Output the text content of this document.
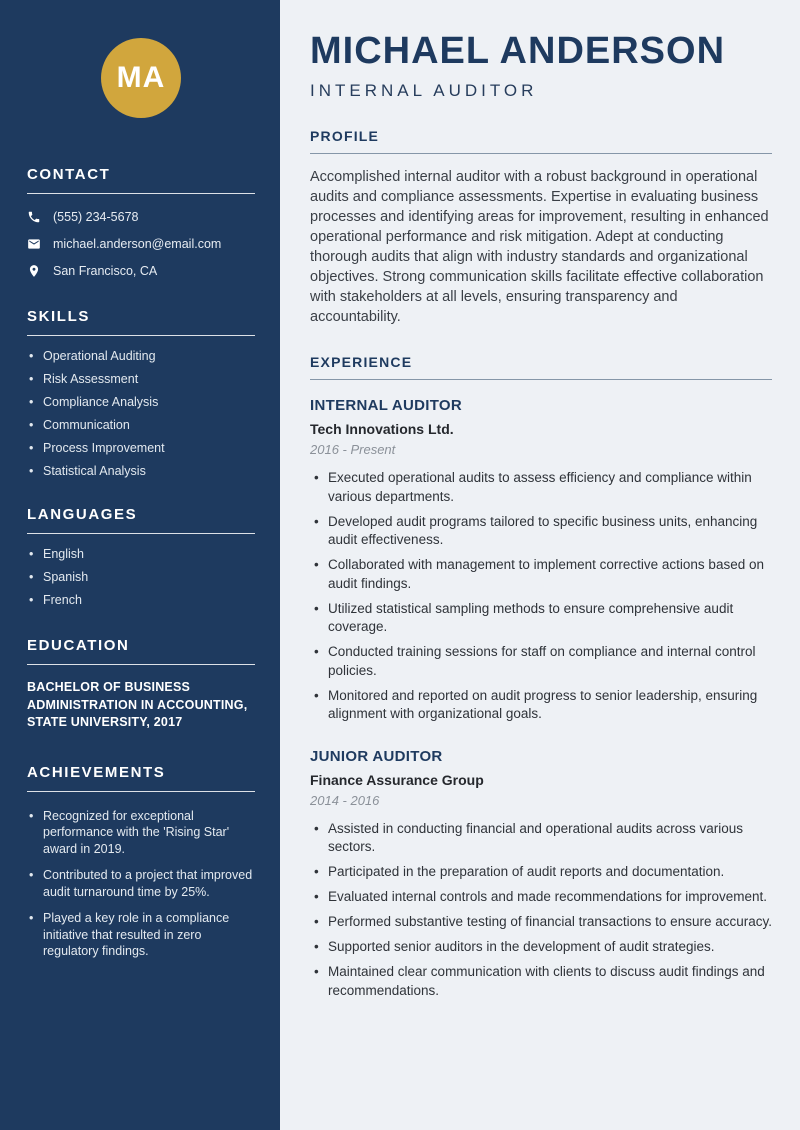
MA
CONTACT
(555) 234-5678
michael.anderson@email.com
San Francisco, CA
SKILLS
• Operational Auditing
• Risk Assessment
• Compliance Analysis
• Communication
• Process Improvement
• Statistical Analysis
LANGUAGES
• English
• Spanish
• French
EDUCATION

BACHELOR OF BUSINESS ADMINISTRATION IN ACCOUNTING, STATE UNIVERSITY, 2017

ACHIEVEMENTS
• Recognized for exceptional performance with the 'Rising Star' award in 2019.
• Contributed to a project that improved audit turnaround time by 25%.
• Played a key role in a compliance initiative that resulted in zero regulatory findings.
MICHAEL ANDERSON
INTERNAL AUDITOR
PROFILE

Accomplished internal auditor with a robust background in operational audits and compliance assessments. Expertise in evaluating business processes and identifying areas for improvement, resulting in enhanced operational performance and risk mitigation. Adept at conducting thorough audits that align with industry standards and organizational objectives. Strong communication skills facilitate effective collaboration with stakeholders at all levels, ensuring transparency and accountability.

EXPERIENCE
INTERNAL AUDITOR
Tech Innovations Ltd.
2016 - Present
• Executed operational audits to assess efficiency and compliance within various departments.
• Developed audit programs tailored to specific business units, enhancing audit effectiveness.
• Collaborated with management to implement corrective actions based on audit findings.
• Utilized statistical sampling methods to ensure comprehensive audit coverage.
• Conducted training sessions for staff on compliance and internal control policies.
• Monitored and reported on audit progress to senior leadership, ensuring alignment with organizational goals.
JUNIOR AUDITOR
Finance Assurance Group
2014 - 2016
• Assisted in conducting financial and operational audits across various sectors.
• Participated in the preparation of audit reports and documentation.
• Evaluated internal controls and made recommendations for improvement.
• Performed substantive testing of financial transactions to ensure accuracy.
• Supported senior auditors in the development of audit strategies.
• Maintained clear communication with clients to discuss audit findings and recommendations.
